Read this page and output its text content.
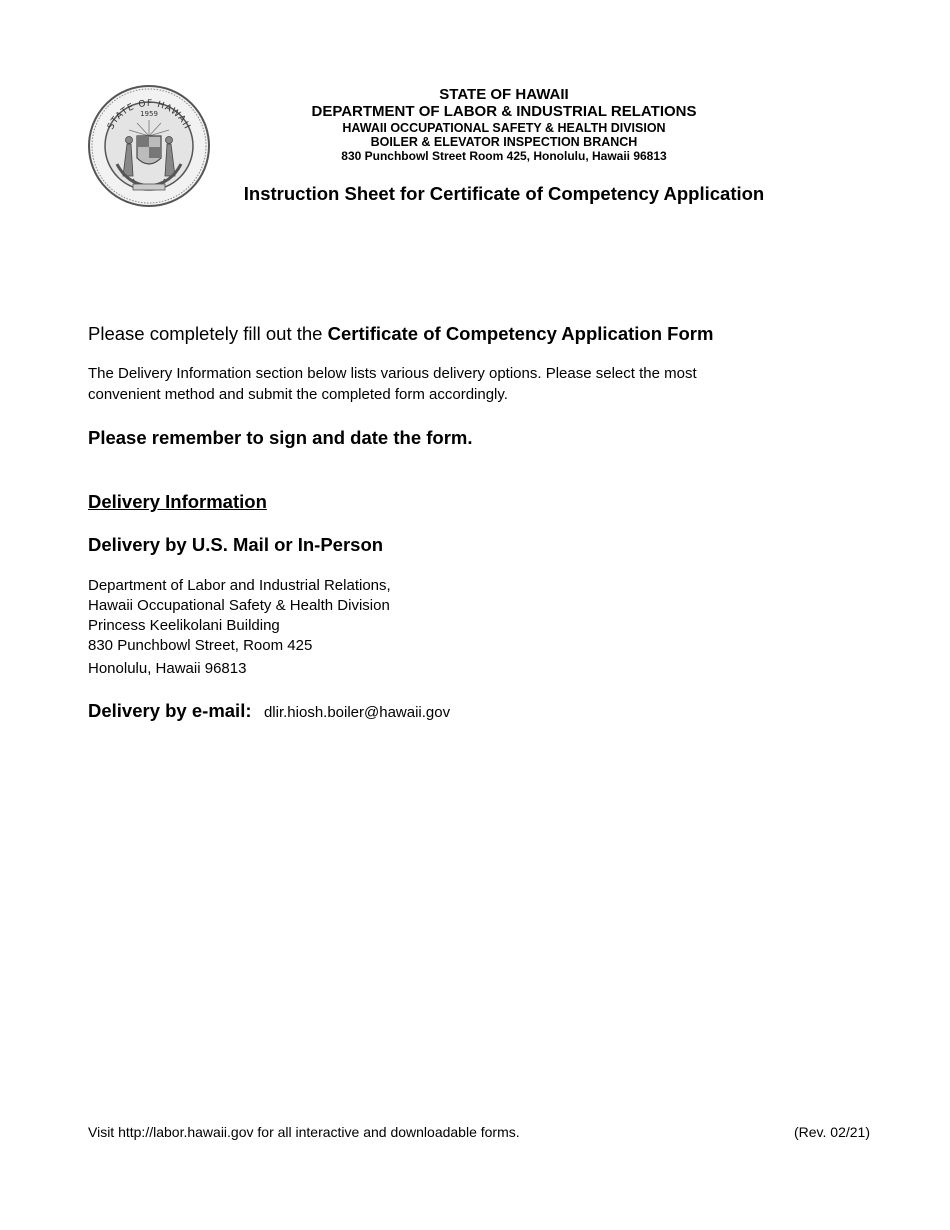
STATE OF HAWAII
1959
STATE OF HAWAII
DEPARTMENT OF LABOR & INDUSTRIAL RELATIONS
HAWAII OCCUPATIONAL SAFETY & HEALTH DIVISION
BOILER & ELEVATOR INSPECTION BRANCH
830 Punchbowl Street Room 425, Honolulu, Hawaii 96813
Instruction Sheet for Certificate of Competency Application
Please completely fill out the Certificate of Competency Application Form
The Delivery Information section below lists various delivery options. Please select the most convenient method and submit the completed form accordingly.
Please remember to sign and date the form.
Delivery Information
Delivery by U.S. Mail or In-Person
Department of Labor and Industrial Relations,
Hawaii Occupational Safety & Health Division
Princess Keelikolani Building
830 Punchbowl Street, Room 425
Honolulu, Hawaii 96813
Delivery by e-mail: dlir.hiosh.boiler@hawaii.gov
Visit http://labor.hawaii.gov for all interactive and downloadable forms.	(Rev. 02/21)
